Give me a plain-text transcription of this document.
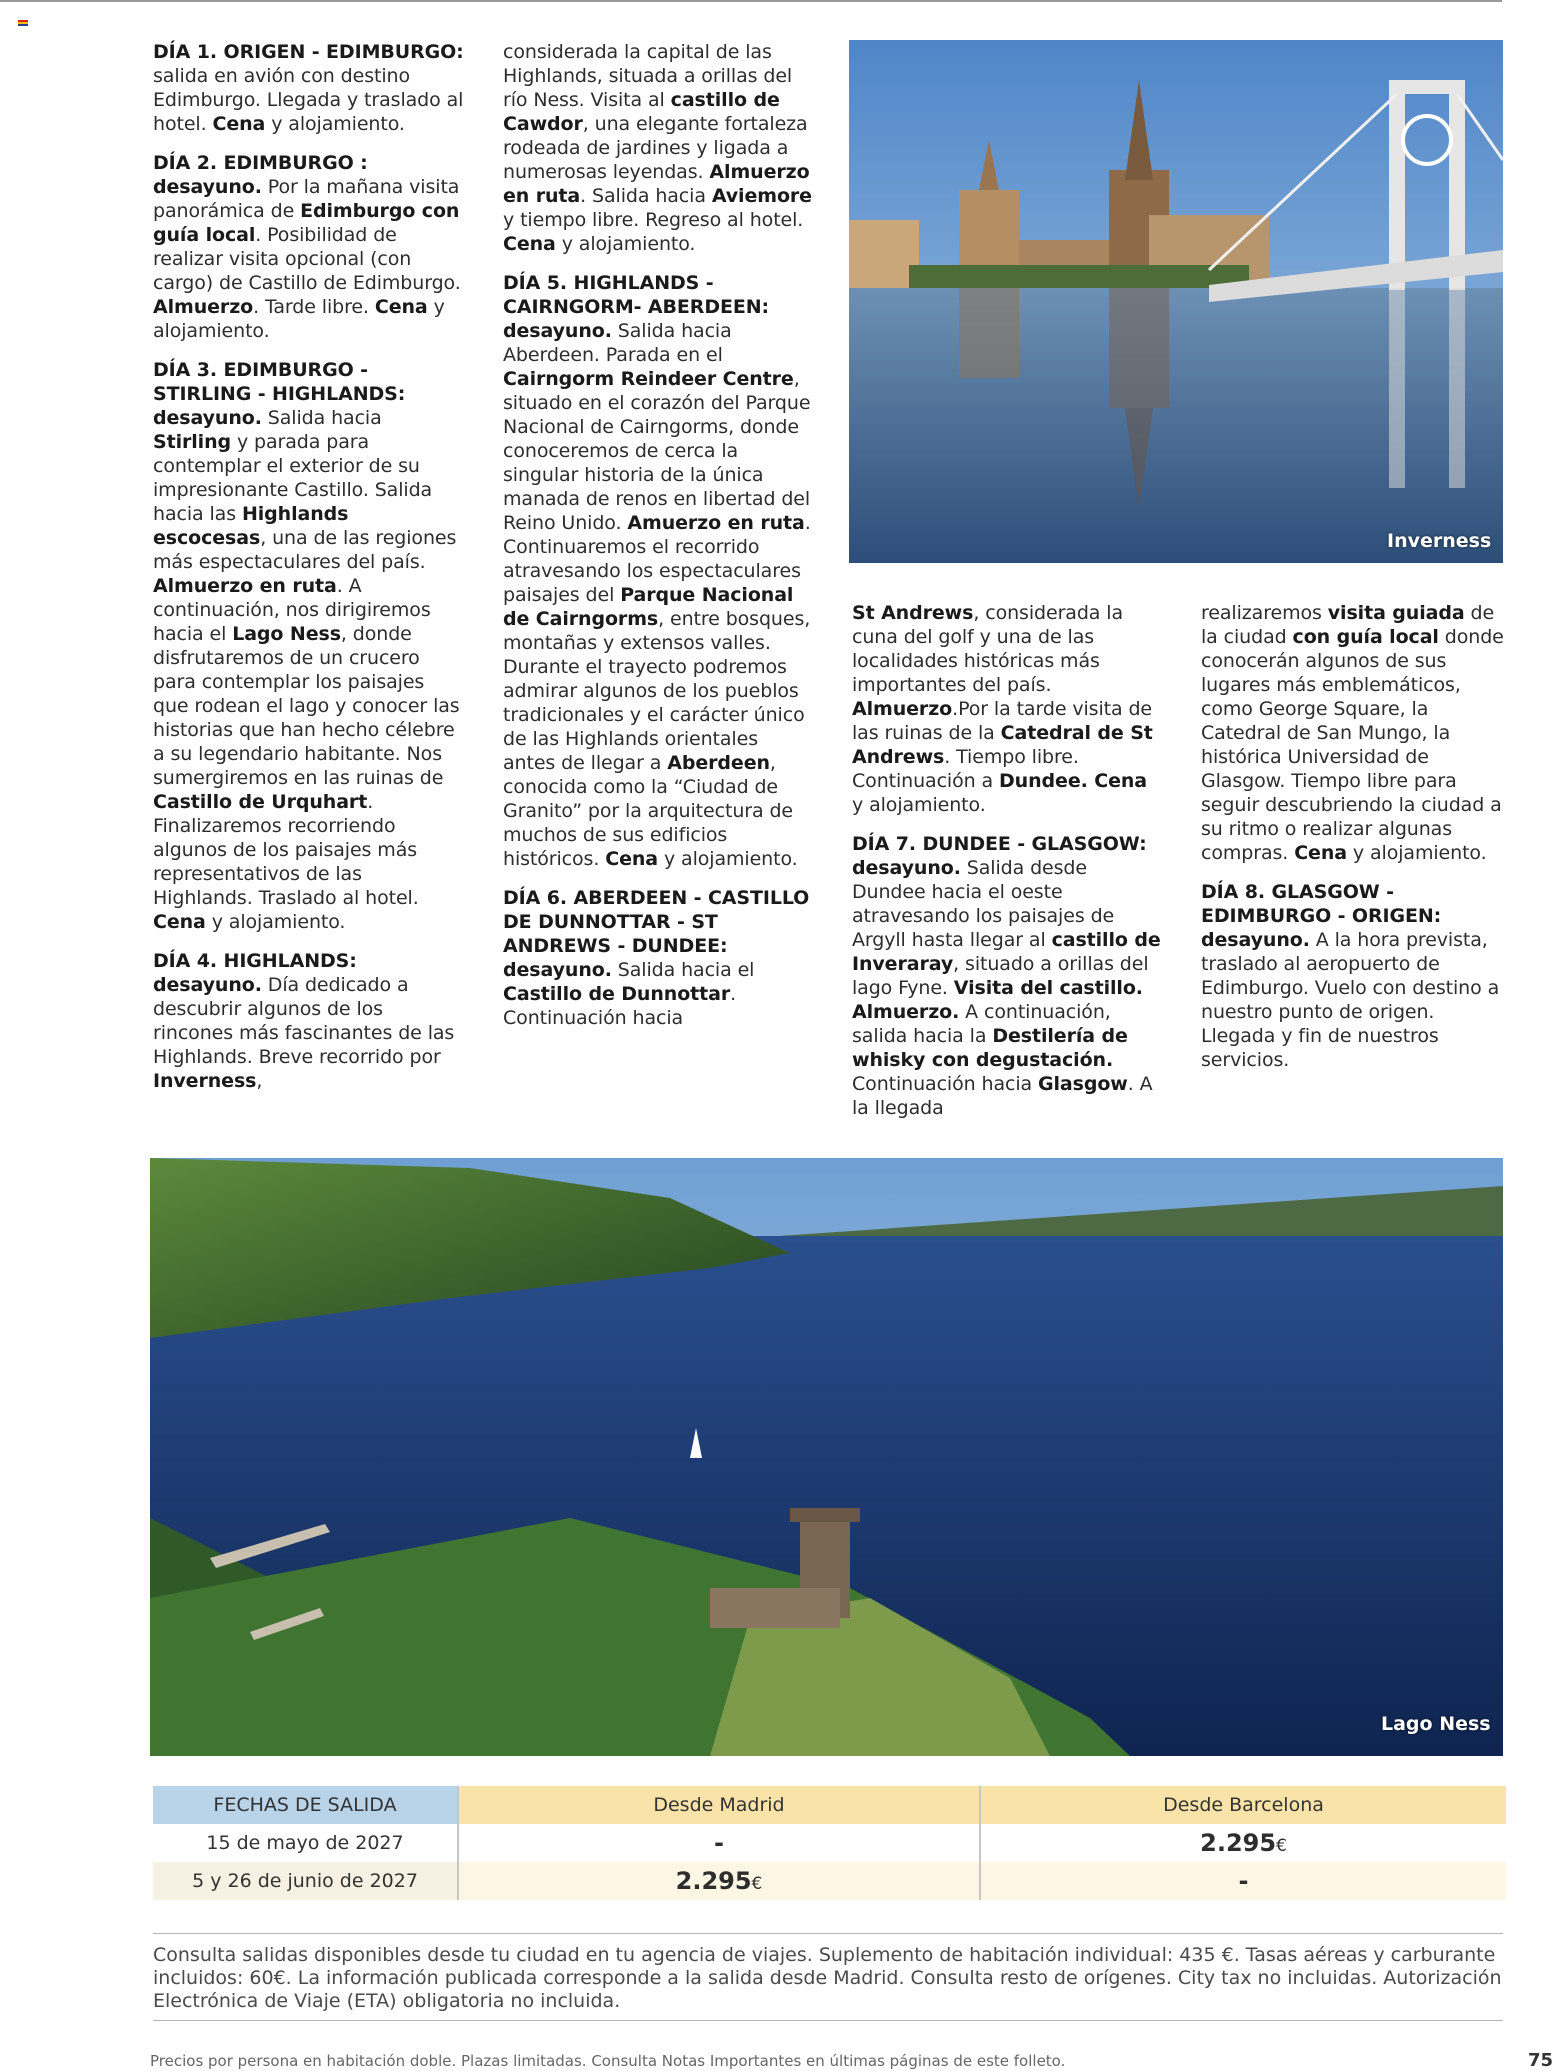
DÍA 1. ORIGEN - EDIMBURGO: salida en avión con destino Edimburgo. Llegada y traslado al hotel. Cena y alojamiento.

DÍA 2. EDIMBURGO : desayuno. Por la mañana visita panorámica de Edimburgo con guía local. Posibilidad de realizar visita opcional (con cargo) de Castillo de Edimburgo. Almuerzo. Tarde libre. Cena y alojamiento.

DÍA 3. EDIMBURGO - STIRLING - HIGHLANDS: desayuno. Salida hacia Stirling y parada para contemplar el exterior de su impresionante Castillo. Salida hacia las Highlands escocesas, una de las regiones más espectaculares del país. Almuerzo en ruta. A continuación, nos dirigiremos hacia el Lago Ness, donde disfrutaremos de un crucero para contemplar los paisajes que rodean el lago y conocer las historias que han hecho célebre a su legendario habitante. Nos sumergiremos en las ruinas de Castillo de Urquhart. Finalizaremos recorriendo algunos de los paisajes más representativos de las Highlands. Traslado al hotel. Cena y alojamiento.

DÍA 4. HIGHLANDS: desayuno. Día dedicado a descubrir algunos de los rincones más fascinantes de las Highlands. Breve recorrido por Inverness,

considerada la capital de las Highlands, situada a orillas del río Ness. Visita al castillo de Cawdor, una elegante fortaleza rodeada de jardines y ligada a numerosas leyendas. Almuerzo en ruta. Salida hacia Aviemore y tiempo libre. Regreso al hotel. Cena y alojamiento.

DÍA 5. HIGHLANDS - CAIRNGORM- ABERDEEN: desayuno. Salida hacia Aberdeen. Parada en el Cairngorm Reindeer Centre, situado en el corazón del Parque Nacional de Cairngorms, donde conoceremos de cerca la singular historia de la única manada de renos en libertad del Reino Unido. Amuerzo en ruta. Continuaremos el recorrido atravesando los espectaculares paisajes del Parque Nacional de Cairngorms, entre bosques, montañas y extensos valles. Durante el trayecto podremos admirar algunos de los pueblos tradicionales y el carácter único de las Highlands orientales antes de llegar a Aberdeen, conocida como la “Ciudad de Granito” por la arquitectura de muchos de sus edificios históricos. Cena y alojamiento.

DÍA 6. ABERDEEN - CASTILLO DE DUNNOTTAR - ST ANDREWS - DUNDEE: desayuno. Salida hacia el Castillo de Dunnottar. Continuación hacia

St Andrews, considerada la cuna del golf y una de las localidades históricas más importantes del país. Almuerzo.Por la tarde visita de las ruinas de la Catedral de St Andrews. Tiempo libre. Continuación a Dundee. Cena y alojamiento.

DÍA 7. DUNDEE - GLASGOW: desayuno. Salida desde Dundee hacia el oeste atravesando los paisajes de Argyll hasta llegar al castillo de Inveraray, situado a orillas del lago Fyne. Visita del castillo. Almuerzo. A continuación, salida hacia la Destilería de whisky con degustación. Continuación hacia Glasgow. A la llegada

realizaremos visita guiada de la ciudad con guía local donde conocerán algunos de sus lugares más emblemáticos, como George Square, la Catedral de San Mungo, la histórica Universidad de Glasgow. Tiempo libre para seguir descubriendo la ciudad a su ritmo o realizar algunas compras. Cena y alojamiento.

DÍA 8. GLASGOW - EDIMBURGO - ORIGEN: desayuno. A la hora prevista, traslado al aeropuerto de Edimburgo. Vuelo con destino a nuestro punto de origen. Llegada y fin de nuestros servicios.

Inverness
Lago Ness
FECHAS DE SALIDA	Desde Madrid	Desde Barcelona
15 de mayo de 2027	-	2.295€
5 y 26 de junio de 2027	2.295€	-
Consulta salidas disponibles desde tu ciudad en tu agencia de viajes. Suplemento de habitación individual: 435 €. Tasas aéreas y carburante incluidos: 60€. La información publicada corresponde a la salida desde Madrid. Consulta resto de orígenes. City tax no incluidas. Autorización Electrónica de Viaje (ETA) obligatoria no incluida.
Precios por persona en habitación doble. Plazas limitadas. Consulta Notas Importantes en últimas páginas de este folleto.	75
